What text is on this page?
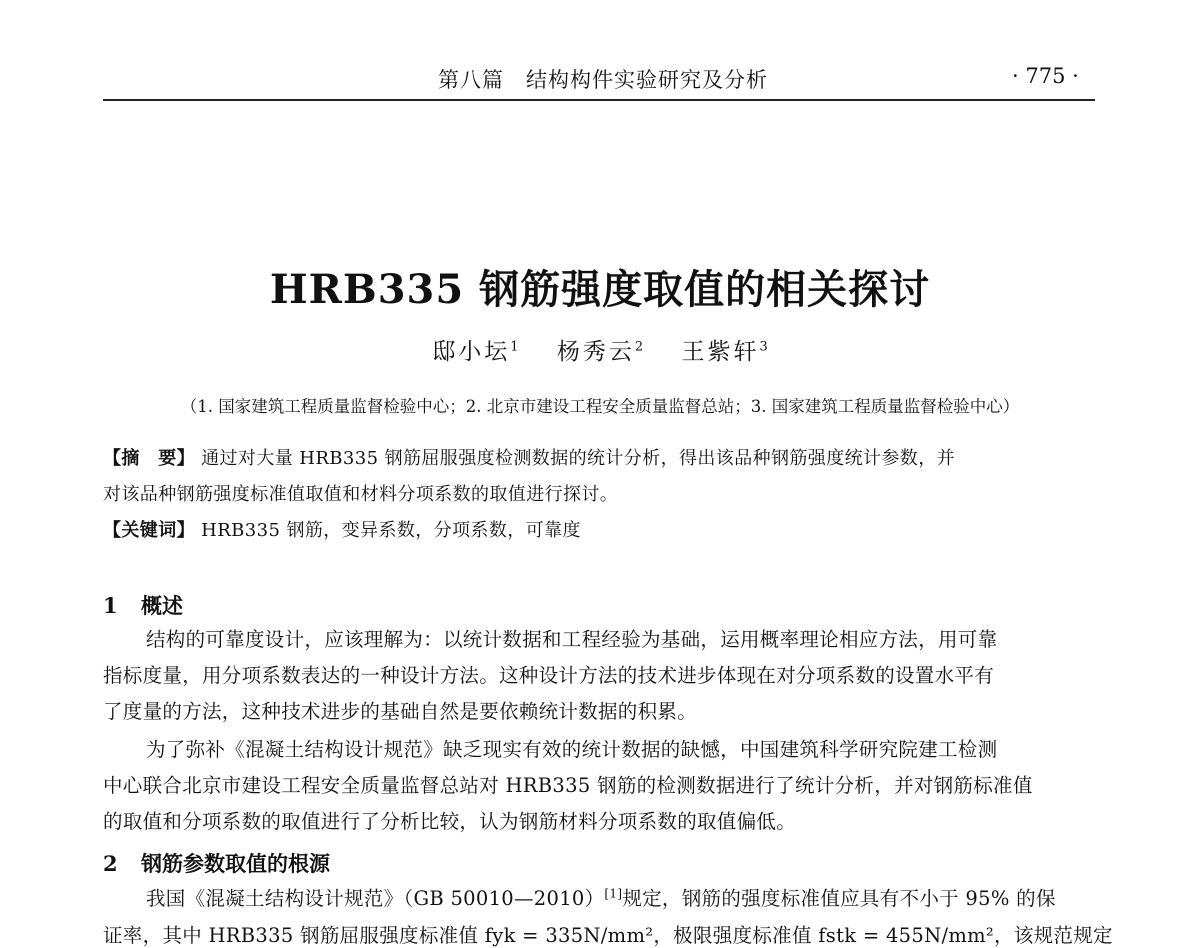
第八篇　结构构件实验研究及分析	· 775 ·
HRB335 钢筋强度取值的相关探讨
邸小坛$^1$ 杨秀云$^2$ 王紫轩$^3$
（1. 国家建筑工程质量监督检验中心；2. 北京市建设工程安全质量监督总站；3. 国家建筑工程质量监督检验中心）
【摘　要】 通过对大量 HRB335 钢筋屈服强度检测数据的统计分析，得出该品种钢筋强度统计参数，并
对该品种钢筋强度标准值取值和材料分项系数的取值进行探讨。
【关键词】 HRB335 钢筋，变异系数，分项系数，可靠度
1 概述
结构的可靠度设计，应该理解为：以统计数据和工程经验为基础，运用概率理论相应方法，用可靠
指标度量，用分项系数表达的一种设计方法。这种设计方法的技术进步体现在对分项系数的设置水平有
了度量的方法，这种技术进步的基础自然是要依赖统计数据的积累。
为了弥补《混凝土结构设计规范》缺乏现实有效的统计数据的缺憾，中国建筑科学研究院建工检测
中心联合北京市建设工程安全质量监督总站对 HRB335 钢筋的检测数据进行了统计分析，并对钢筋标准值
的取值和分项系数的取值进行了分析比较，认为钢筋材料分项系数的取值偏低。
2 钢筋参数取值的根源
我国《混凝土结构设计规范》（GB 50010—2010）[1]规定，钢筋的强度标准值应具有不小于 95% 的保
证率，其中 HRB335 钢筋屈服强度标准值 fyk = 335N/mm²，极限强度标准值 fstk = 455N/mm²，该规范规定
